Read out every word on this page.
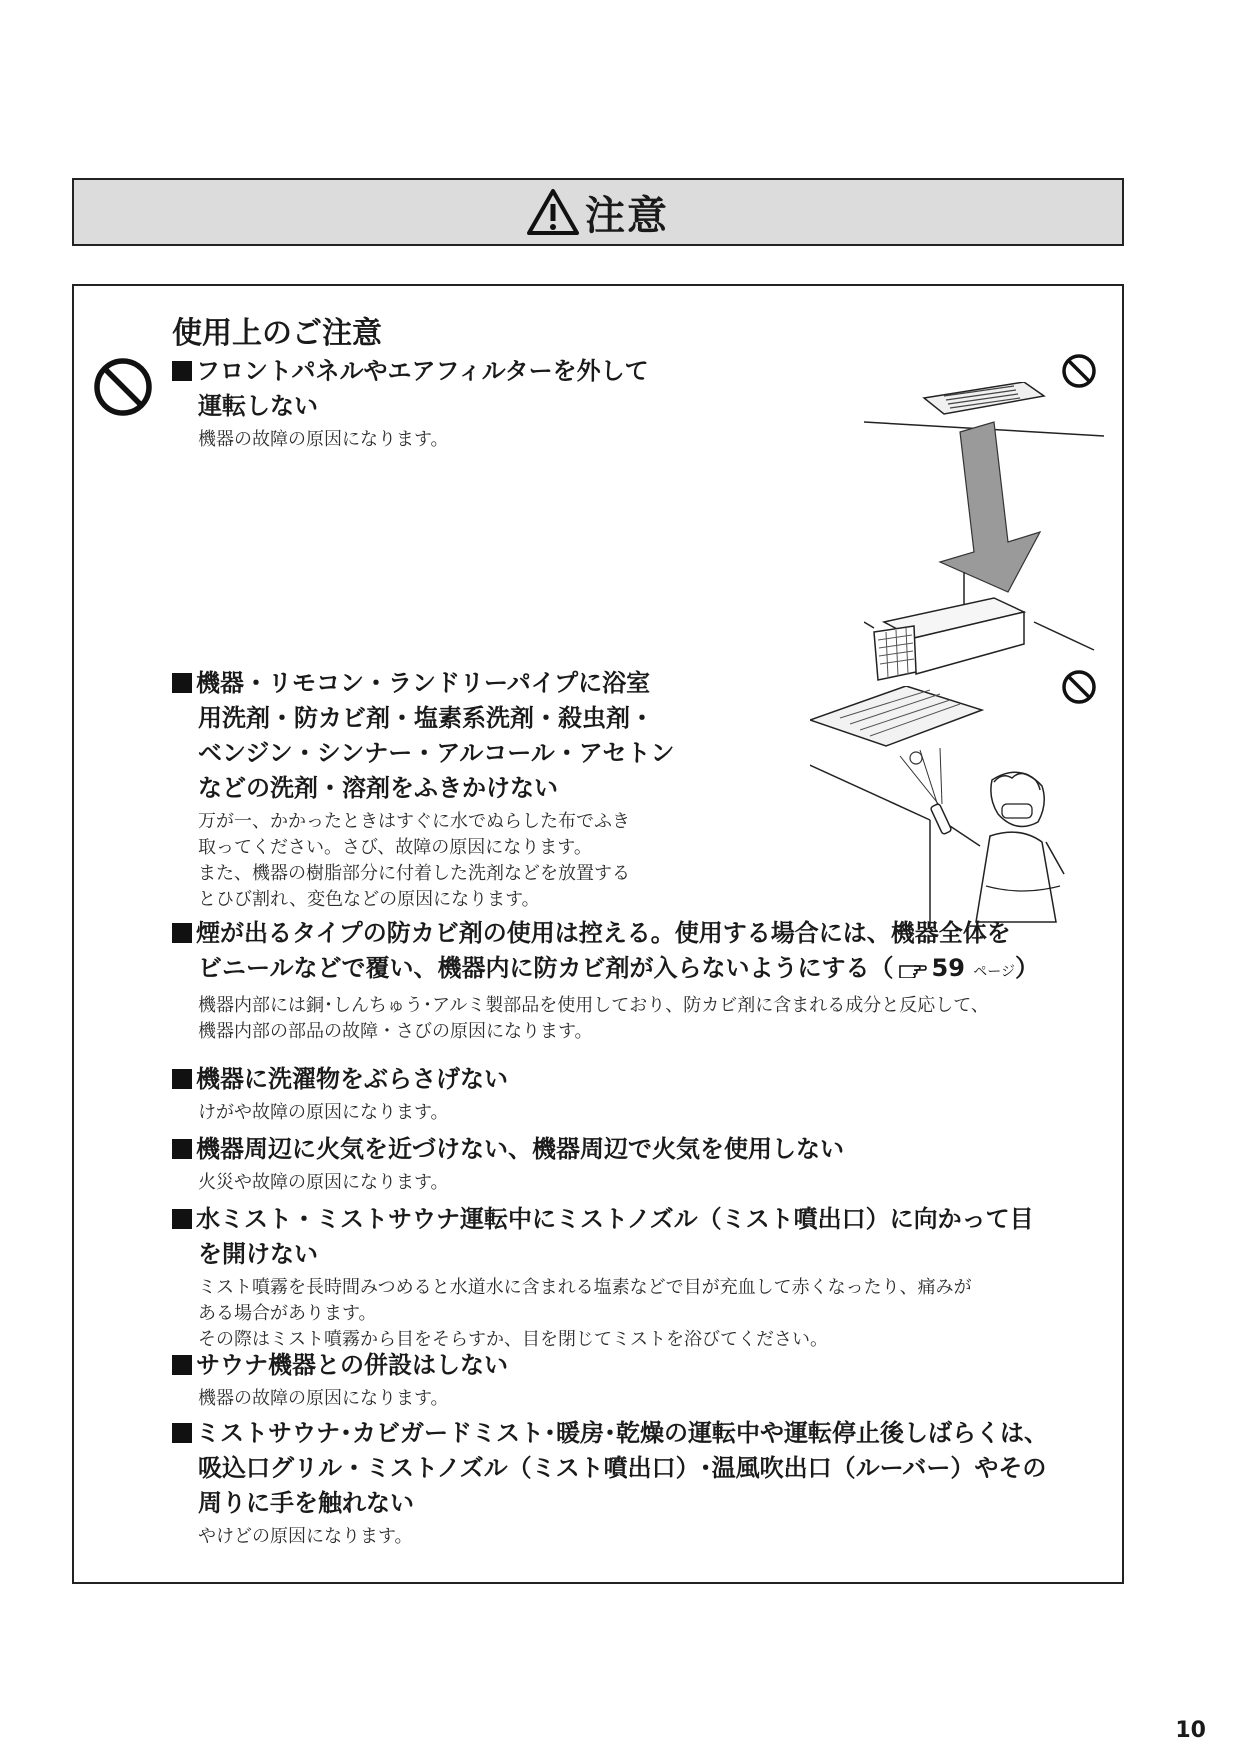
注意
使用上のご注意
フロントパネルやエアフィルターを外して
運転しない
機器の故障の原因になります。
機器・リモコン・ランドリーパイプに浴室
用洗剤・防カビ剤・塩素系洗剤・殺虫剤・
ベンジン・シンナー・アルコール・アセトン
などの洗剤・溶剤をふきかけない
万が一、かかったときはすぐに水でぬらした布でふき
取ってください。さび、故障の原因になります。
また、機器の樹脂部分に付着した洗剤などを放置する
とひび割れ、変色などの原因になります。
煙が出るタイプの防カビ剤の使用は控える。使用する場合には、機器全体を
ビニールなどで覆い、機器内に防カビ剤が入らないようにする（ 59 ページ）
機器内部には銅･しんちゅう･アルミ製部品を使用しており、防カビ剤に含まれる成分と反応して、
機器内部の部品の故障・さびの原因になります。
機器に洗濯物をぶらさげない
けがや故障の原因になります。
機器周辺に火気を近づけない、機器周辺で火気を使用しない
火災や故障の原因になります。
水ミスト・ミストサウナ運転中にミストノズル（ミスト噴出口）に向かって目
を開けない
ミスト噴霧を長時間みつめると水道水に含まれる塩素などで目が充血して赤くなったり、痛みが
ある場合があります。
その際はミスト噴霧から目をそらすか、目を閉じてミストを浴びてください。
サウナ機器との併設はしない
機器の故障の原因になります。
ミストサウナ･カビガードミスト･暖房･乾燥の運転中や運転停止後しばらくは、
吸込口グリル・ミストノズル（ミスト噴出口）･温風吹出口（ルーバー）やその
周りに手を触れない
やけどの原因になります。
10
